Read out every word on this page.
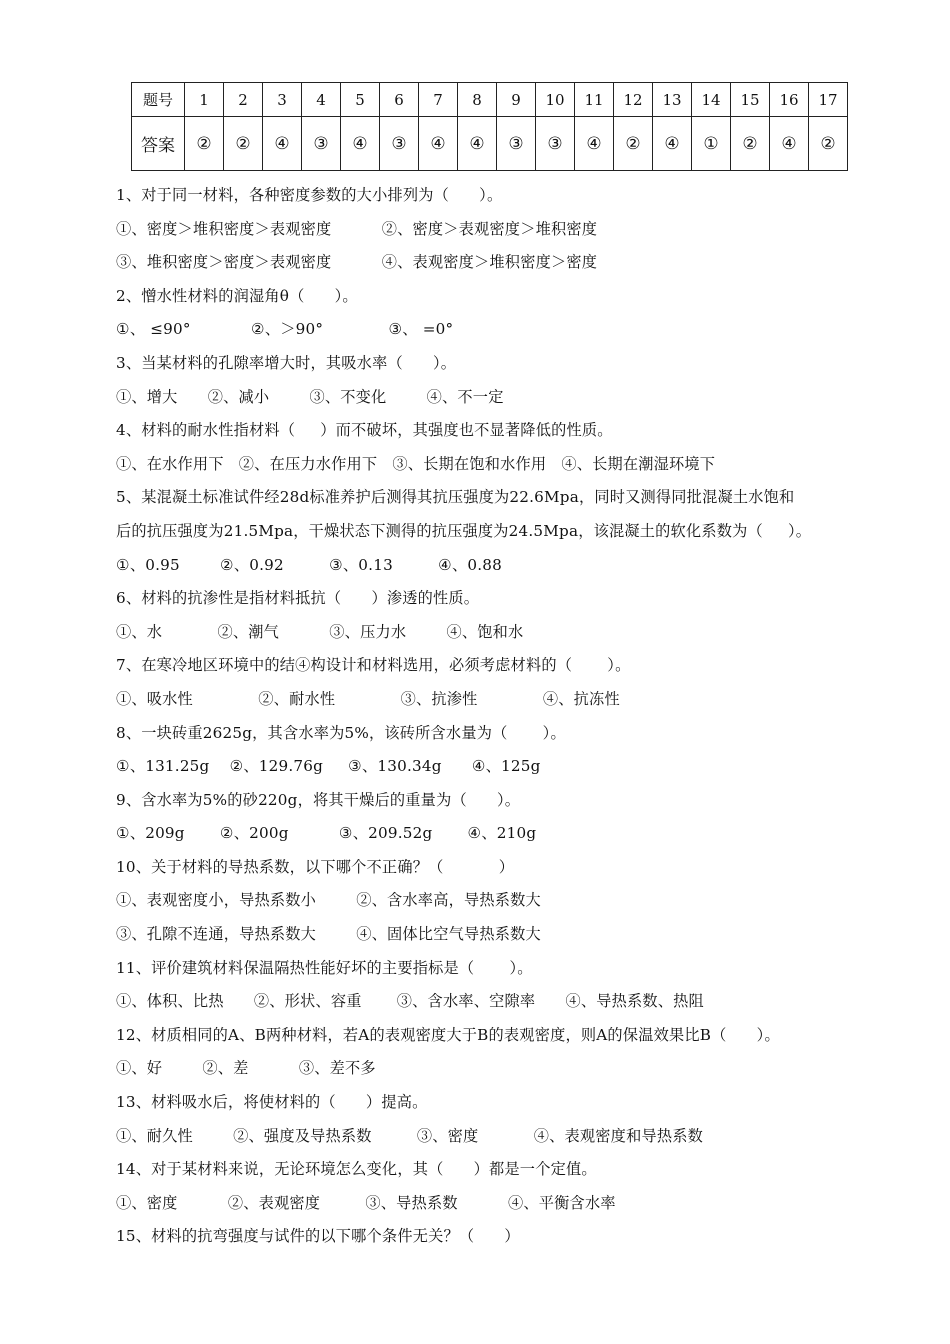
题号	1	2	3	4	5	6	7	8	9	10	11	12	13	14	15	16	17
答案	②	②	④	③	④	③	④	④	③	③	④	②	④	①	②	④	②
1、对于同一材料，各种密度参数的大小排列为（      ）。
①、密度＞堆积密度＞表观密度          ②、密度＞表观密度＞堆积密度
③、堆积密度＞密度＞表观密度          ④、表观密度＞堆积密度＞密度
2、憎水性材料的润湿角θ（      ）。
①、 ≤90°            ②、＞90°             ③、 =0°
3、当某材料的孔隙率增大时，其吸水率（      ）。
①、增大      ②、减小        ③、不变化        ④、不一定
4、材料的耐水性指材料（     ）而不破坏，其强度也不显著降低的性质。
①、在水作用下   ②、在压力水作用下   ③、长期在饱和水作用   ④、长期在潮湿环境下
5、某混凝土标准试件经28d标准养护后测得其抗压强度为22.6Mpa，同时又测得同批混凝土水饱和
后的抗压强度为21.5Mpa，干燥状态下测得的抗压强度为24.5Mpa，该混凝土的软化系数为（     ）。
①、0.95        ②、0.92         ③、0.13         ④、0.88
6、材料的抗渗性是指材料抵抗（      ）渗透的性质。
①、水           ②、潮气          ③、压力水        ④、饱和水
7、在寒冷地区环境中的结④构设计和材料选用，必须考虑材料的（       ）。
①、吸水性             ②、耐水性             ③、抗渗性             ④、抗冻性
8、一块砖重2625g，其含水率为5%，该砖所含水量为（       ）。
①、131.25g    ②、129.76g     ③、130.34g      ④、125g
9、含水率为5%的砂220g，将其干燥后的重量为（      ）。
①、209g       ②、200g          ③、209.52g       ④、210g
10、关于材料的导热系数，以下哪个不正确？（           ）
①、表观密度小，导热系数小        ②、含水率高，导热系数大
③、孔隙不连通，导热系数大        ④、固体比空气导热系数大
11、评价建筑材料保温隔热性能好坏的主要指标是（       ）。
①、体积、比热      ②、形状、容重       ③、含水率、空隙率      ④、导热系数、热阻
12、材质相同的A、B两种材料，若A的表观密度大于B的表观密度，则A的保温效果比B（      ）。
①、好        ②、差          ③、差不多
13、材料吸水后，将使材料的（      ）提高。
①、耐久性        ②、强度及导热系数         ③、密度           ④、表观密度和导热系数
14、对于某材料来说，无论环境怎么变化，其（      ）都是一个定值。
①、密度          ②、表观密度         ③、导热系数          ④、平衡含水率
15、材料的抗弯强度与试件的以下哪个条件无关？（      ）
